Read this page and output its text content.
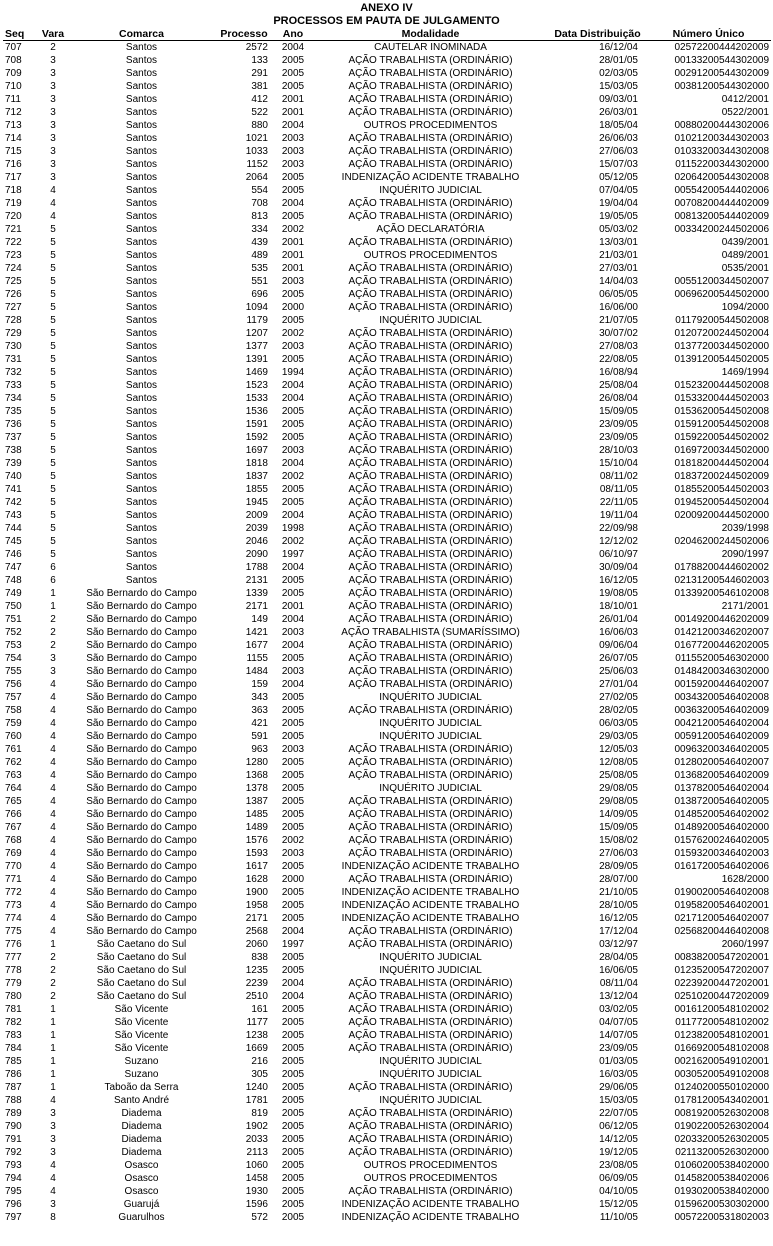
ANEXO IV
PROCESSOS EM PAUTA DE JULGAMENTO
Seq	Vara	Comarca	Processo	Ano	Modalidade	Data Distribuição	Número Único
707	2	Santos	2572	2004	CAUTELAR INOMINADA	16/12/04	02572200444202009
708	3	Santos	133	2005	AÇÃO TRABALHISTA (ORDINÁRIO)	28/01/05	00133200544302009
709	3	Santos	291	2005	AÇÃO TRABALHISTA (ORDINÁRIO)	02/03/05	00291200544302009
710	3	Santos	381	2005	AÇÃO TRABALHISTA (ORDINÁRIO)	15/03/05	00381200544302000
711	3	Santos	412	2001	AÇÃO TRABALHISTA (ORDINÁRIO)	09/03/01	0412/2001
712	3	Santos	522	2001	AÇÃO TRABALHISTA (ORDINÁRIO)	26/03/01	0522/2001
713	3	Santos	880	2004	OUTROS PROCEDIMENTOS	18/05/04	00880200444302006
714	3	Santos	1021	2003	AÇÃO TRABALHISTA (ORDINÁRIO)	26/06/03	01021200344302003
715	3	Santos	1033	2003	AÇÃO TRABALHISTA (ORDINÁRIO)	27/06/03	01033200344302008
716	3	Santos	1152	2003	AÇÃO TRABALHISTA (ORDINÁRIO)	15/07/03	01152200344302000
717	3	Santos	2064	2005	INDENIZAÇÃO ACIDENTE TRABALHO	05/12/05	02064200544302008
718	4	Santos	554	2005	INQUÉRITO JUDICIAL	07/04/05	00554200544402006
719	4	Santos	708	2004	AÇÃO TRABALHISTA (ORDINÁRIO)	19/04/04	00708200444402009
720	4	Santos	813	2005	AÇÃO TRABALHISTA (ORDINÁRIO)	19/05/05	00813200544402009
721	5	Santos	334	2002	AÇÃO DECLARATÓRIA	05/03/02	00334200244502006
722	5	Santos	439	2001	AÇÃO TRABALHISTA (ORDINÁRIO)	13/03/01	0439/2001
723	5	Santos	489	2001	OUTROS PROCEDIMENTOS	21/03/01	0489/2001
724	5	Santos	535	2001	AÇÃO TRABALHISTA (ORDINÁRIO)	27/03/01	0535/2001
725	5	Santos	551	2003	AÇÃO TRABALHISTA (ORDINÁRIO)	14/04/03	00551200344502007
726	5	Santos	696	2005	AÇÃO TRABALHISTA (ORDINÁRIO)	06/05/05	00696200544502000
727	5	Santos	1094	2000	AÇÃO TRABALHISTA (ORDINÁRIO)	16/06/00	1094/2000
728	5	Santos	1179	2005	INQUÉRITO JUDICIAL	21/07/05	01179200544502008
729	5	Santos	1207	2002	AÇÃO TRABALHISTA (ORDINÁRIO)	30/07/02	01207200244502004
730	5	Santos	1377	2003	AÇÃO TRABALHISTA (ORDINÁRIO)	27/08/03	01377200344502000
731	5	Santos	1391	2005	AÇÃO TRABALHISTA (ORDINÁRIO)	22/08/05	01391200544502005
732	5	Santos	1469	1994	AÇÃO TRABALHISTA (ORDINÁRIO)	16/08/94	1469/1994
733	5	Santos	1523	2004	AÇÃO TRABALHISTA (ORDINÁRIO)	25/08/04	01523200444502008
734	5	Santos	1533	2004	AÇÃO TRABALHISTA (ORDINÁRIO)	26/08/04	01533200444502003
735	5	Santos	1536	2005	AÇÃO TRABALHISTA (ORDINÁRIO)	15/09/05	01536200544502008
736	5	Santos	1591	2005	AÇÃO TRABALHISTA (ORDINÁRIO)	23/09/05	01591200544502008
737	5	Santos	1592	2005	AÇÃO TRABALHISTA (ORDINÁRIO)	23/09/05	01592200544502002
738	5	Santos	1697	2003	AÇÃO TRABALHISTA (ORDINÁRIO)	28/10/03	01697200344502000
739	5	Santos	1818	2004	AÇÃO TRABALHISTA (ORDINÁRIO)	15/10/04	01818200444502004
740	5	Santos	1837	2002	AÇÃO TRABALHISTA (ORDINÁRIO)	08/11/02	01837200244502009
741	5	Santos	1855	2005	AÇÃO TRABALHISTA (ORDINÁRIO)	08/11/05	01855200544502003
742	5	Santos	1945	2005	AÇÃO TRABALHISTA (ORDINÁRIO)	22/11/05	01945200544502004
743	5	Santos	2009	2004	AÇÃO TRABALHISTA (ORDINÁRIO)	19/11/04	02009200444502000
744	5	Santos	2039	1998	AÇÃO TRABALHISTA (ORDINÁRIO)	22/09/98	2039/1998
745	5	Santos	2046	2002	AÇÃO TRABALHISTA (ORDINÁRIO)	12/12/02	02046200244502006
746	5	Santos	2090	1997	AÇÃO TRABALHISTA (ORDINÁRIO)	06/10/97	2090/1997
747	6	Santos	1788	2004	AÇÃO TRABALHISTA (ORDINÁRIO)	30/09/04	01788200444602002
748	6	Santos	2131	2005	AÇÃO TRABALHISTA (ORDINÁRIO)	16/12/05	02131200544602003
749	1	São Bernardo do Campo	1339	2005	AÇÃO TRABALHISTA (ORDINÁRIO)	19/08/05	01339200546102008
750	1	São Bernardo do Campo	2171	2001	AÇÃO TRABALHISTA (ORDINÁRIO)	18/10/01	2171/2001
751	2	São Bernardo do Campo	149	2004	AÇÃO TRABALHISTA (ORDINÁRIO)	26/01/04	00149200446202009
752	2	São Bernardo do Campo	1421	2003	AÇÃO TRABALHISTA (SUMARÍSSIMO)	16/06/03	01421200346202007
753	2	São Bernardo do Campo	1677	2004	AÇÃO TRABALHISTA (ORDINÁRIO)	09/06/04	01677200446202005
754	3	São Bernardo do Campo	1155	2005	AÇÃO TRABALHISTA (ORDINÁRIO)	26/07/05	01155200546302000
755	3	São Bernardo do Campo	1484	2003	AÇÃO TRABALHISTA (ORDINÁRIO)	25/06/03	01484200346302000
756	4	São Bernardo do Campo	159	2004	AÇÃO TRABALHISTA (ORDINÁRIO)	27/01/04	00159200446402007
757	4	São Bernardo do Campo	343	2005	INQUÉRITO JUDICIAL	27/02/05	00343200546402008
758	4	São Bernardo do Campo	363	2005	AÇÃO TRABALHISTA (ORDINÁRIO)	28/02/05	00363200546402009
759	4	São Bernardo do Campo	421	2005	INQUÉRITO JUDICIAL	06/03/05	00421200546402004
760	4	São Bernardo do Campo	591	2005	INQUÉRITO JUDICIAL	29/03/05	00591200546402009
761	4	São Bernardo do Campo	963	2003	AÇÃO TRABALHISTA (ORDINÁRIO)	12/05/03	00963200346402005
762	4	São Bernardo do Campo	1280	2005	AÇÃO TRABALHISTA (ORDINÁRIO)	12/08/05	01280200546402007
763	4	São Bernardo do Campo	1368	2005	AÇÃO TRABALHISTA (ORDINÁRIO)	25/08/05	01368200546402009
764	4	São Bernardo do Campo	1378	2005	INQUÉRITO JUDICIAL	29/08/05	01378200546402004
765	4	São Bernardo do Campo	1387	2005	AÇÃO TRABALHISTA (ORDINÁRIO)	29/08/05	01387200546402005
766	4	São Bernardo do Campo	1485	2005	AÇÃO TRABALHISTA (ORDINÁRIO)	14/09/05	01485200546402002
767	4	São Bernardo do Campo	1489	2005	AÇÃO TRABALHISTA (ORDINÁRIO)	15/09/05	01489200546402000
768	4	São Bernardo do Campo	1576	2002	AÇÃO TRABALHISTA (ORDINÁRIO)	15/08/02	01576200246402005
769	4	São Bernardo do Campo	1593	2003	AÇÃO TRABALHISTA (ORDINÁRIO)	27/06/03	01593200346402003
770	4	São Bernardo do Campo	1617	2005	INDENIZAÇÃO ACIDENTE TRABALHO	28/09/05	01617200546402006
771	4	São Bernardo do Campo	1628	2000	AÇÃO TRABALHISTA (ORDINÁRIO)	28/07/00	1628/2000
772	4	São Bernardo do Campo	1900	2005	INDENIZAÇÃO ACIDENTE TRABALHO	21/10/05	01900200546402008
773	4	São Bernardo do Campo	1958	2005	INDENIZAÇÃO ACIDENTE TRABALHO	28/10/05	01958200546402001
774	4	São Bernardo do Campo	2171	2005	INDENIZAÇÃO ACIDENTE TRABALHO	16/12/05	02171200546402007
775	4	São Bernardo do Campo	2568	2004	AÇÃO TRABALHISTA (ORDINÁRIO)	17/12/04	02568200446402008
776	1	São Caetano do Sul	2060	1997	AÇÃO TRABALHISTA (ORDINÁRIO)	03/12/97	2060/1997
777	2	São Caetano do Sul	838	2005	INQUÉRITO JUDICIAL	28/04/05	00838200547202001
778	2	São Caetano do Sul	1235	2005	INQUÉRITO JUDICIAL	16/06/05	01235200547202007
779	2	São Caetano do Sul	2239	2004	AÇÃO TRABALHISTA (ORDINÁRIO)	08/11/04	02239200447202001
780	2	São Caetano do Sul	2510	2004	AÇÃO TRABALHISTA (ORDINÁRIO)	13/12/04	02510200447202009
781	1	São Vicente	161	2005	AÇÃO TRABALHISTA (ORDINÁRIO)	03/02/05	00161200548102002
782	1	São Vicente	1177	2005	AÇÃO TRABALHISTA (ORDINÁRIO)	04/07/05	01177200548102002
783	1	São Vicente	1238	2005	AÇÃO TRABALHISTA (ORDINÁRIO)	14/07/05	01238200548102001
784	1	São Vicente	1669	2005	AÇÃO TRABALHISTA (ORDINÁRIO)	23/09/05	01669200548102008
785	1	Suzano	216	2005	INQUÉRITO JUDICIAL	01/03/05	00216200549102001
786	1	Suzano	305	2005	INQUÉRITO JUDICIAL	16/03/05	00305200549102008
787	1	Taboão da Serra	1240	2005	AÇÃO TRABALHISTA (ORDINÁRIO)	29/06/05	01240200550102000
788	4	Santo André	1781	2005	INQUÉRITO JUDICIAL	15/03/05	01781200543402001
789	3	Diadema	819	2005	AÇÃO TRABALHISTA (ORDINÁRIO)	22/07/05	00819200526302008
790	3	Diadema	1902	2005	AÇÃO TRABALHISTA (ORDINÁRIO)	06/12/05	01902200526302004
791	3	Diadema	2033	2005	AÇÃO TRABALHISTA (ORDINÁRIO)	14/12/05	02033200526302005
792	3	Diadema	2113	2005	AÇÃO TRABALHISTA (ORDINÁRIO)	19/12/05	02113200526302000
793	4	Osasco	1060	2005	OUTROS PROCEDIMENTOS	23/08/05	01060200538402000
794	4	Osasco	1458	2005	OUTROS PROCEDIMENTOS	06/09/05	01458200538402006
795	4	Osasco	1930	2005	AÇÃO TRABALHISTA (ORDINÁRIO)	04/10/05	01930200538402000
796	3	Guarujá	1596	2005	INDENIZAÇÃO ACIDENTE TRABALHO	15/12/05	01596200530302000
797	8	Guarulhos	572	2005	INDENIZAÇÃO ACIDENTE TRABALHO	11/10/05	00572200531802003
